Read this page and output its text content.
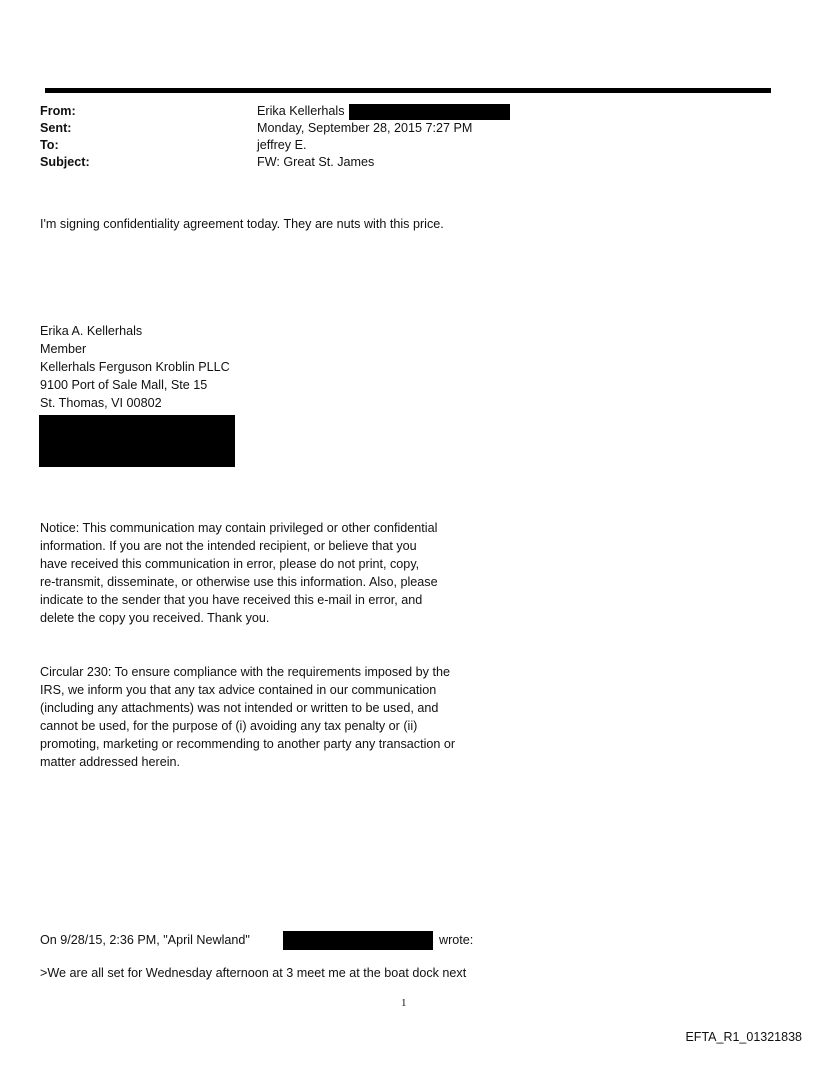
From:	Erika Kellerhals
Sent:	Monday, September 28, 2015 7:27 PM
To:	jeffrey E.
Subject:	FW: Great St. James
I'm signing confidentiality agreement today. They are nuts with this price.
Erika A. Kellerhals
Member
Kellerhals Ferguson Kroblin PLLC
9100 Port of Sale Mall, Ste 15
St. Thomas, VI 00802
Notice: This communication may contain privileged or other confidential
information. If you are not the intended recipient, or believe that you
have received this communication in error, please do not print, copy,
re-transmit, disseminate, or otherwise use this information. Also, please
indicate to the sender that you have received this e-mail in error, and
delete the copy you received. Thank you.
Circular 230: To ensure compliance with the requirements imposed by the
IRS, we inform you that any tax advice contained in our communication
(including any attachments) was not intended or written to be used, and
cannot be used, for the purpose of (i) avoiding any tax penalty or (ii)
promoting, marketing or recommending to another party any transaction or
matter addressed herein.
On 9/28/15, 2:36 PM, "April Newland"	wrote:
>We are all set for Wednesday afternoon at 3 meet me at the boat dock next
1
EFTA_R1_01321838
